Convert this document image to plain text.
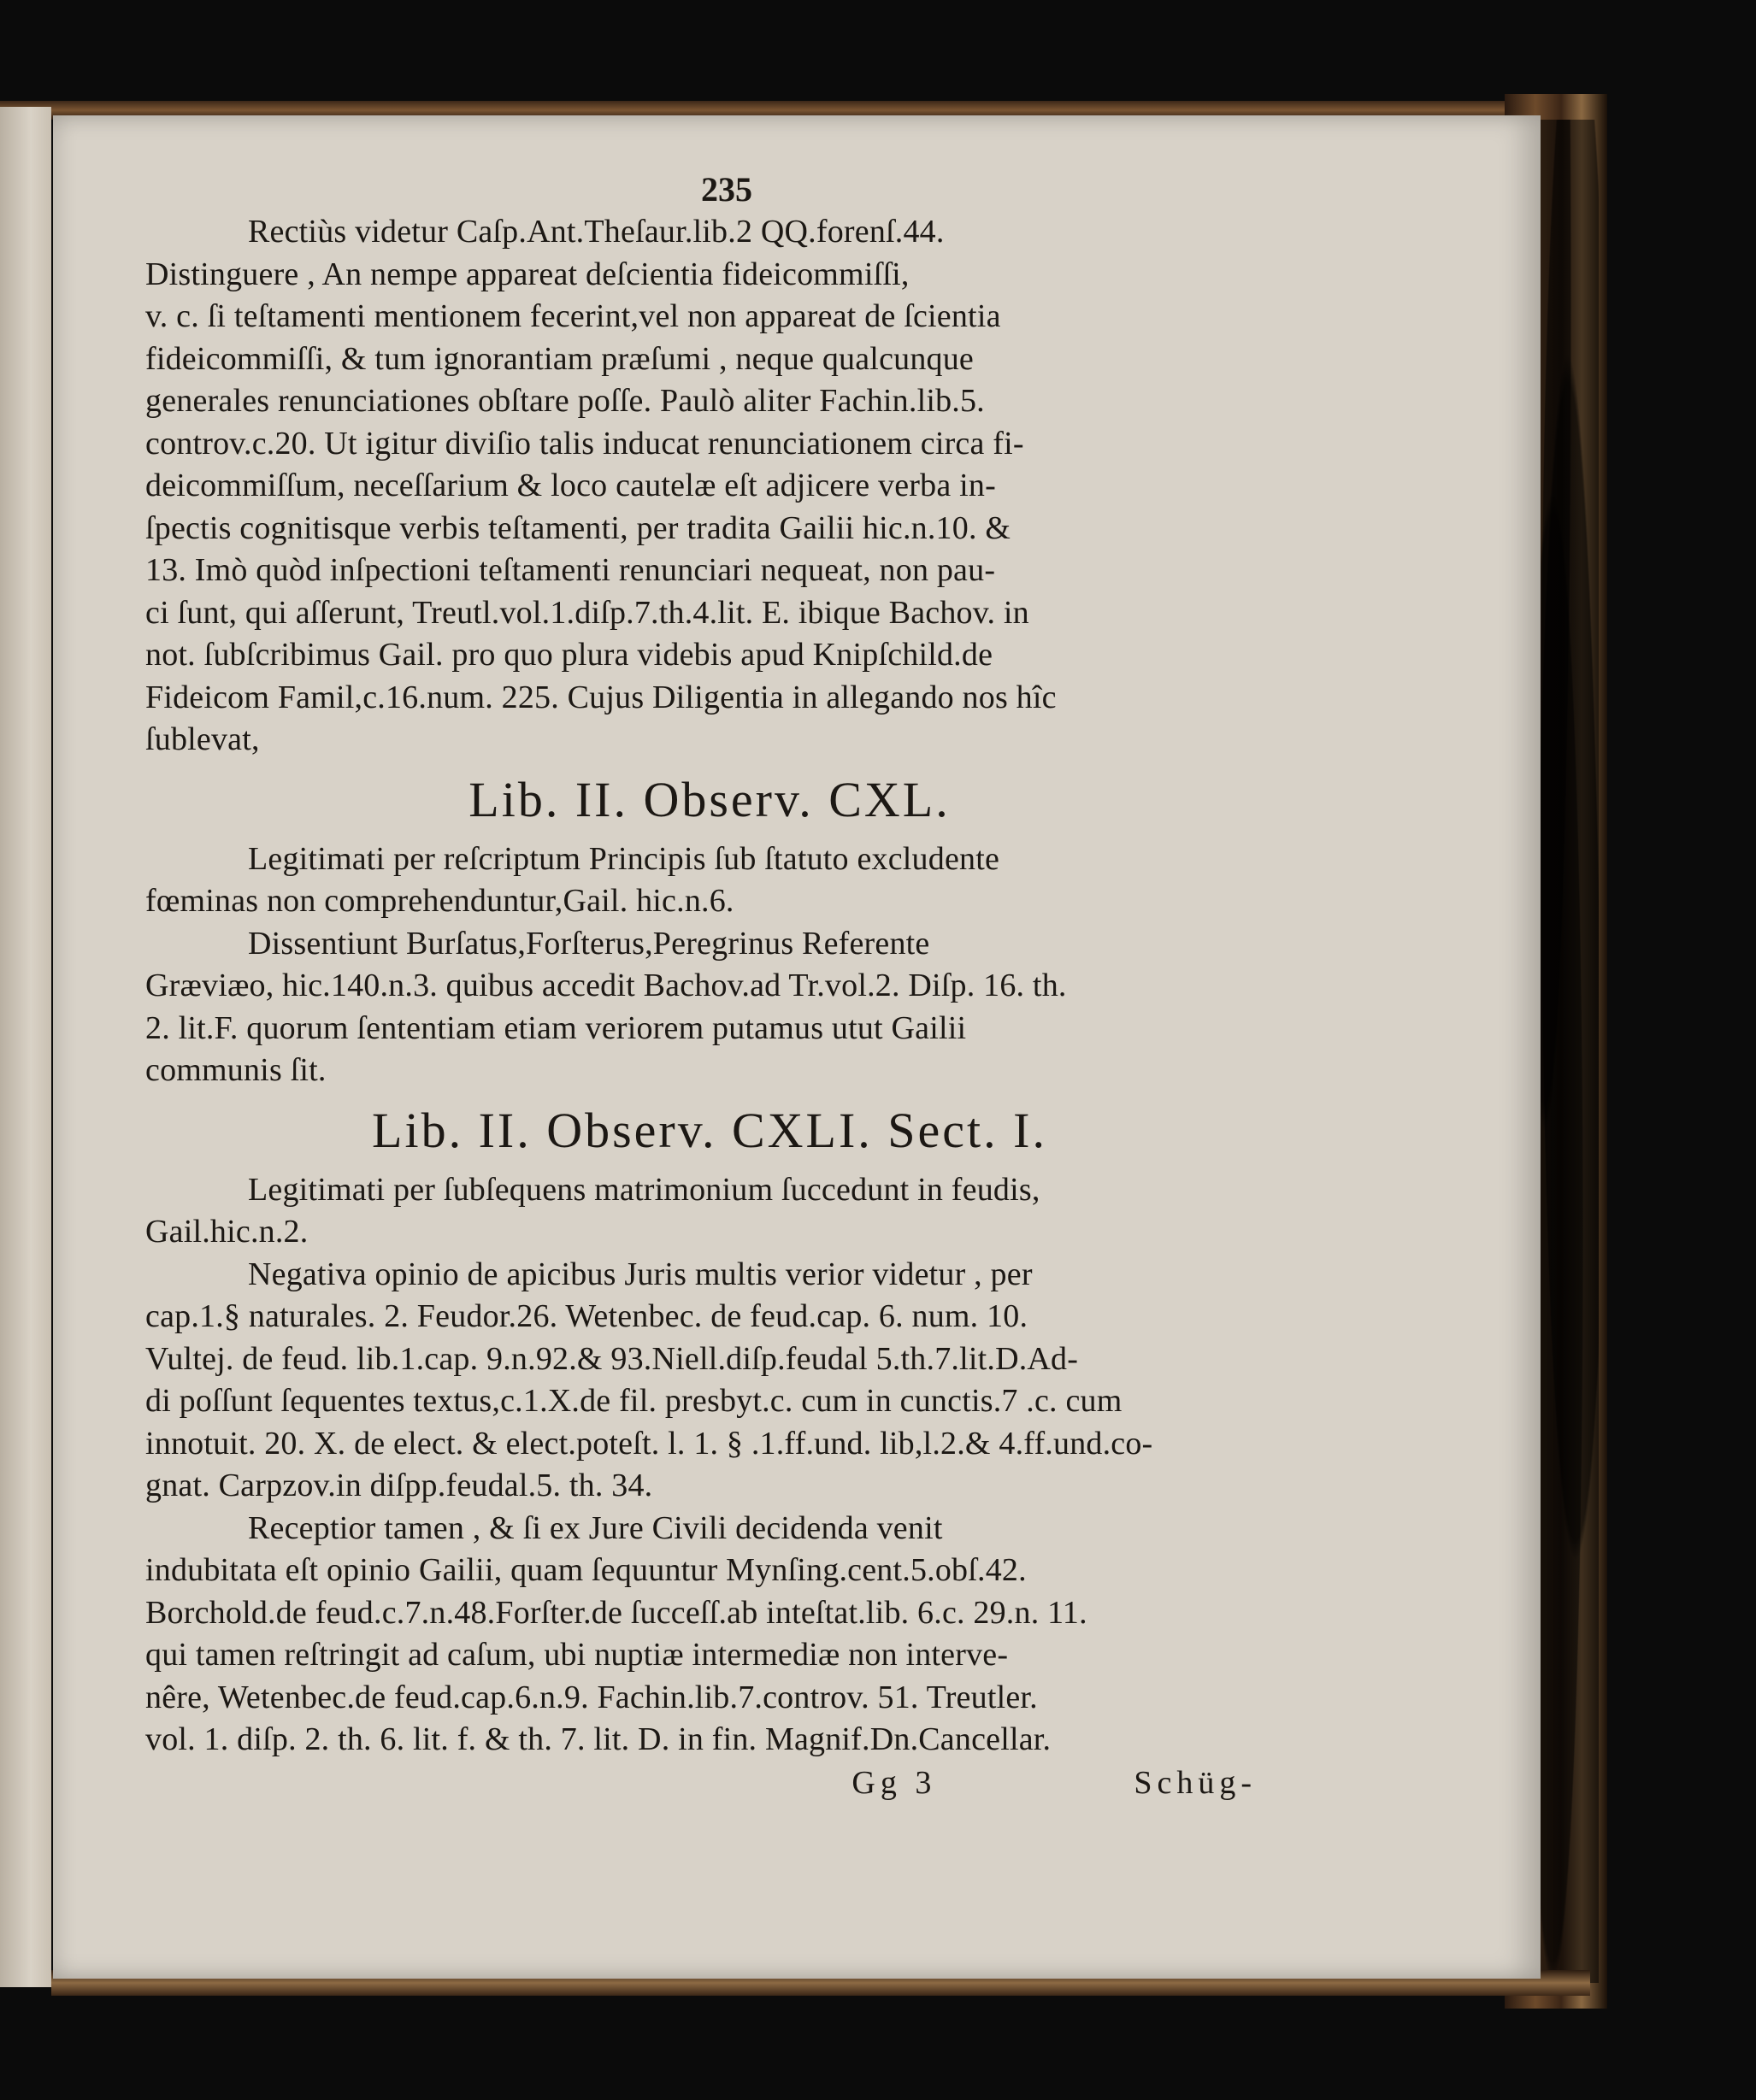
235
Rectiùs videtur Caſp.Ant.Theſaur.lib.2 QQ.forenſ.44.
Distinguere , An nempe appareat deſcientia fideicommiſſi,
v. c. ſi teſtamenti mentionem fecerint,vel non appareat de ſcientia
fideicommiſſi, & tum ignorantiam præſumi , neque qualcunque
generales renunciationes obſtare poſſe. Paulò aliter Fachin.lib.5.
controv.c.20. Ut igitur diviſio talis inducat renunciationem circa fi-
deicommiſſum, neceſſarium & loco cautelæ eſt adjicere verba in-
ſpectis cognitisque verbis teſtamenti, per tradita Gailii hic.n.10. &
13. Imò quòd inſpectioni teſtamenti renunciari nequeat, non pau-
ci ſunt, qui aſſerunt, Treutl.vol.1.diſp.7.th.4.lit. E. ibique Bachov. in
not. ſubſcribimus Gail. pro quo plura videbis apud Knipſchild.de
Fideicom Famil,c.16.num. 225. Cujus Diligentia in allegando nos hîc
ſublevat,
Lib. II. Observ. CXL.
Legitimati per reſcriptum Principis ſub ſtatuto excludente
fœminas non comprehenduntur,Gail. hic.n.6.
Dissentiunt Burſatus,Forſterus,Peregrinus Referente
Græviæo, hic.140.n.3. quibus accedit Bachov.ad Tr.vol.2. Diſp. 16. th.
2. lit.F. quorum ſententiam etiam veriorem putamus utut Gailii
communis ſit.
Lib. II. Observ. CXLI. Sect. I.
Legitimati per ſubſequens matrimonium ſuccedunt in feudis,
Gail.hic.n.2.
Negativa opinio de apicibus Juris multis verior videtur , per
cap.1.§ naturales. 2. Feudor.26. Wetenbec. de feud.cap. 6. num. 10.
Vultej. de feud. lib.1.cap. 9.n.92.& 93.Niell.diſp.feudal 5.th.7.lit.D.Ad-
di poſſunt ſequentes textus,c.1.X.de fil. presbyt.c. cum in cunctis.7 .c. cum
innotuit. 20. X. de elect. & elect.poteſt. l. 1. § .1.ff.und. lib,l.2.& 4.ff.und.co-
gnat. Carpzov.in diſpp.feudal.5. th. 34.
Receptior tamen , & ſi ex Jure Civili decidenda venit
indubitata eſt opinio Gailii, quam ſequuntur Mynſing.cent.5.obſ.42.
Borchold.de feud.c.7.n.48.Forſter.de ſucceſſ.ab inteſtat.lib. 6.c. 29.n. 11.
qui tamen reſtringit ad caſum, ubi nuptiæ intermediæ non interve-
nêre, Wetenbec.de feud.cap.6.n.9. Fachin.lib.7.controv. 51. Treutler.
vol. 1. diſp. 2. th. 6. lit. f. & th. 7. lit. D. in fin. Magnif.Dn.Cancellar.
Gg 3	Schüg-
